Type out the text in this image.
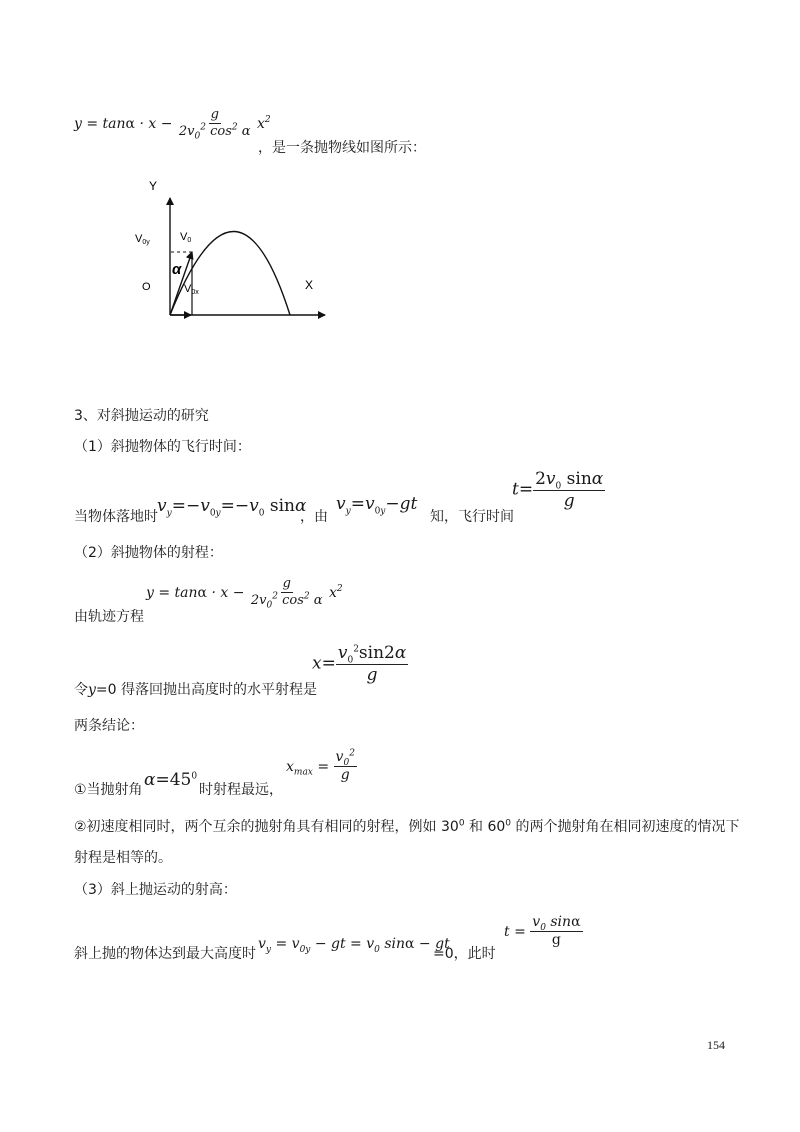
$y = \tan\alpha \cdot x - \frac{g}{2v_0^2 \cos^2 \alpha} x^2$
，是一条抛物线如图所示：
Y
V0y	V0
α
O	V0x
X
3、对斜抛运动的研究
（1）斜抛物体的飞行时间：
当物体落地时
$v_y=-v_{0y}=-v_0$ sinα
，由
$v_y=v_{0y}-gt$
知，飞行时间
$t= \frac{2v_0 \sin\alpha}{g}$
（2）斜抛物体的射程：
$y = \tan\alpha \cdot x - \frac{g}{2v_0^2 \cos^2 \alpha} x^2$
由轨迹方程
令y=0 得落回抛出高度时的水平射程是
$x= \frac{v_0^2\sin 2\alpha}{g}$
两条结论：
①当抛射角 $\alpha=45^0$
时射程最远，
$x_{max} = \frac{v_0^2}{g}$
②初速度相同时，两个互余的抛射角具有相同的射程，例如 $30^0$ 和 $60^0$ 的两个抛射角在相同初速度的情况下
射程是相等的。
（3）斜上抛运动的射高：
斜上抛的物体达到最大高度时
$v_y = v_{0y}$ − gt = $v_0$ sinα − gt
=0，此时
$t = \frac{v_0 \sin\alpha}{g}$
154
